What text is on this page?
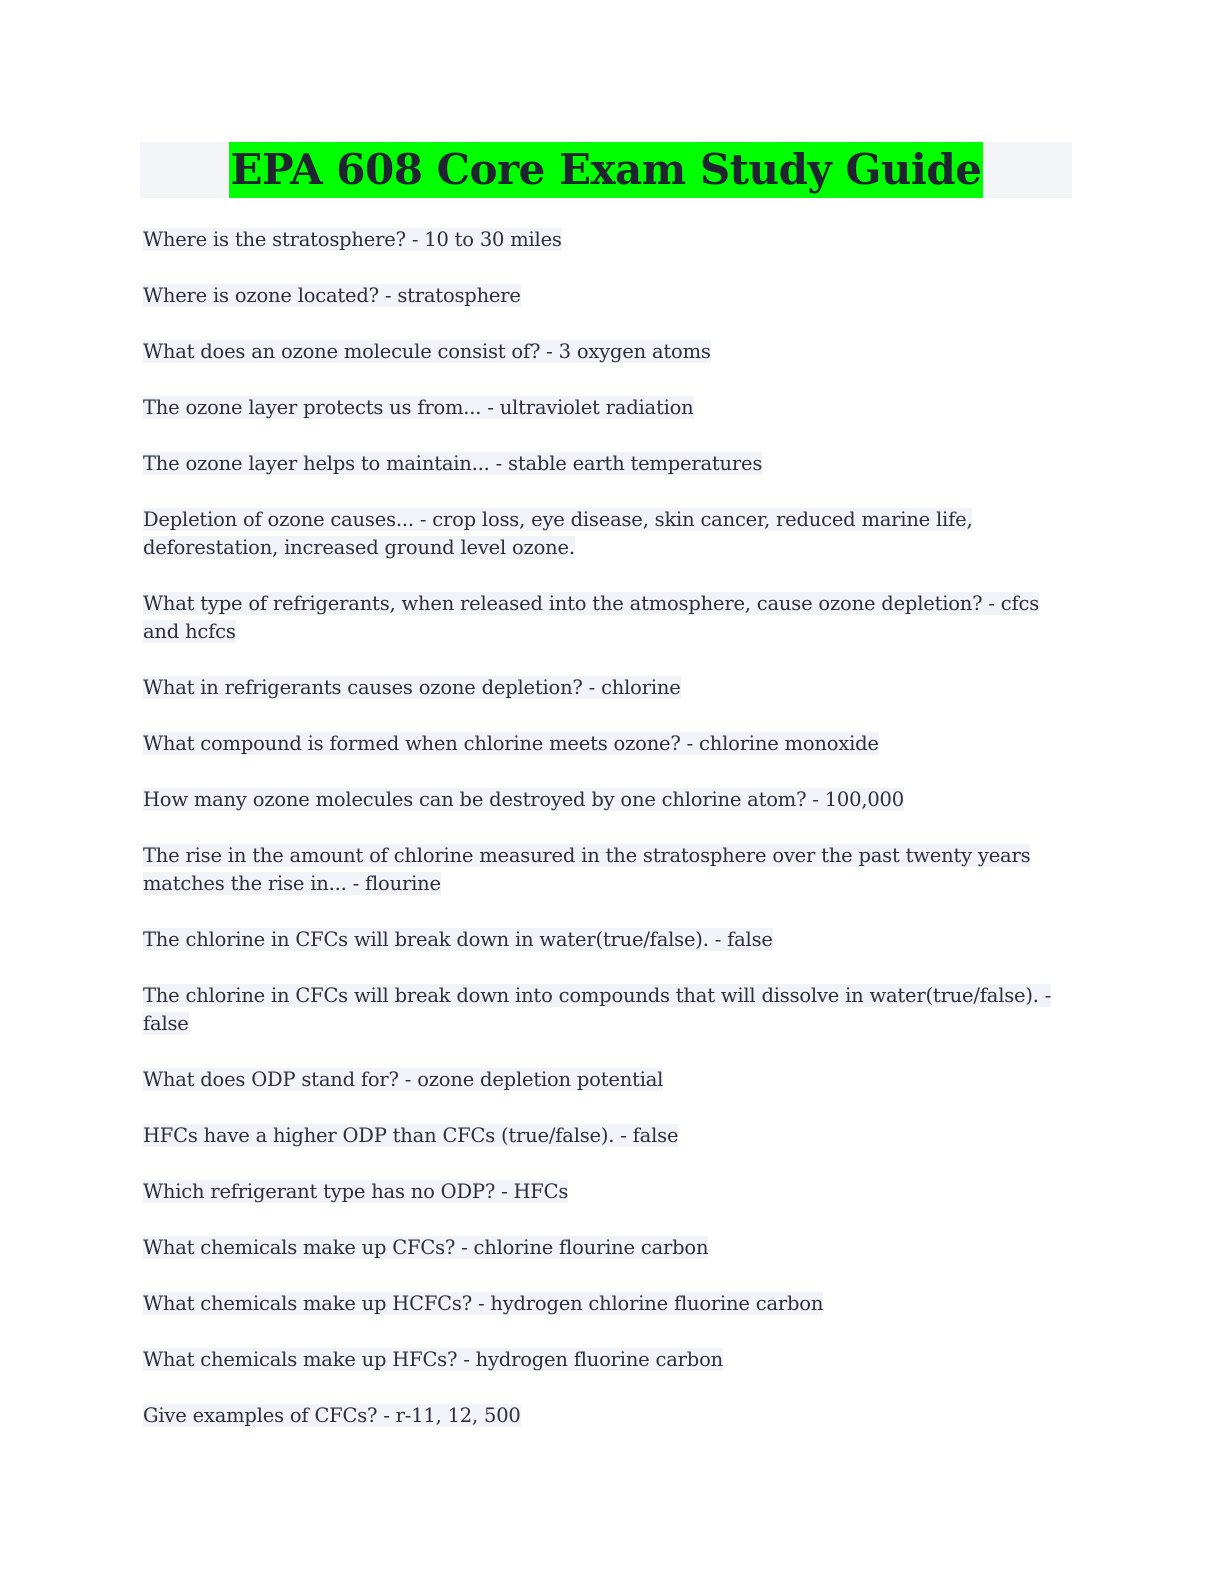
EPA 608 Core Exam Study Guide
Where is the stratosphere? - 10 to 30 miles
Where is ozone located? - stratosphere
What does an ozone molecule consist of? - 3 oxygen atoms
The ozone layer protects us from... - ultraviolet radiation
The ozone layer helps to maintain... - stable earth temperatures
Depletion of ozone causes... - crop loss, eye disease, skin cancer, reduced marine life, deforestation, increased ground level ozone.
What type of refrigerants, when released into the atmosphere, cause ozone depletion? - cfcs and hcfcs
What in refrigerants causes ozone depletion? - chlorine
What compound is formed when chlorine meets ozone? - chlorine monoxide
How many ozone molecules can be destroyed by one chlorine atom? - 100,000
The rise in the amount of chlorine measured in the stratosphere over the past twenty years matches the rise in... - flourine
The chlorine in CFCs will break down in water(true/false). - false
The chlorine in CFCs will break down into compounds that will dissolve in water(true/false). - false
What does ODP stand for? - ozone depletion potential
HFCs have a higher ODP than CFCs (true/false). - false
Which refrigerant type has no ODP? - HFCs
What chemicals make up CFCs? - chlorine flourine carbon
What chemicals make up HCFCs? - hydrogen chlorine fluorine carbon
What chemicals make up HFCs? - hydrogen fluorine carbon
Give examples of CFCs? - r-11, 12, 500
